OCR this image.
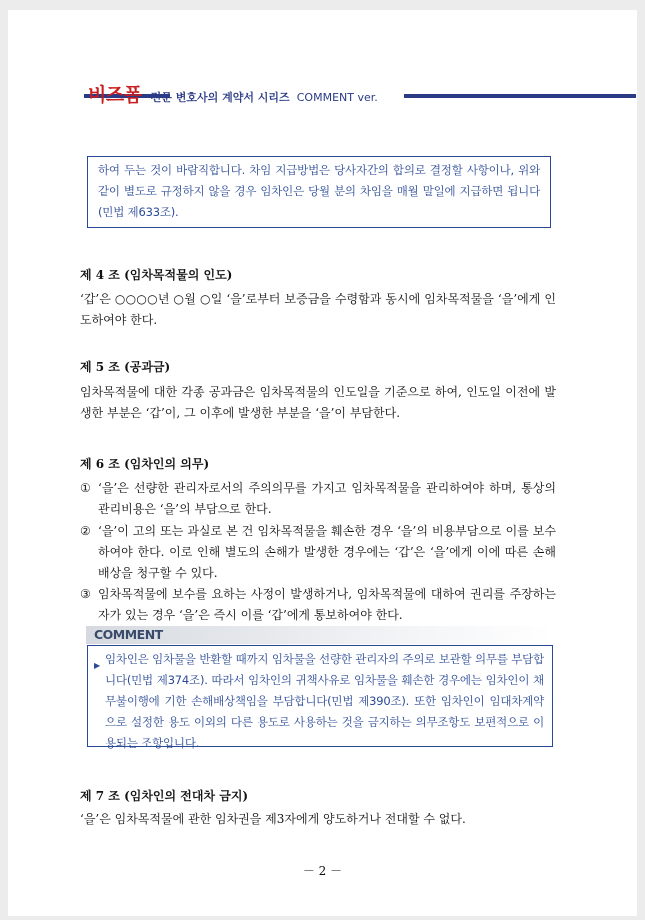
비즈폼 전문 변호사의 계약서 시리즈 COMMENT ver.
하여 두는 것이 바람직합니다. 차임 지급방법은 당사자간의 합의로 결정할 사항이나, 위와 같이 별도로 규정하지 않을 경우 임차인은 당월 분의 차임을 매월 말일에 지급하면 됩니다(민법 제633조).
제 4 조 (임차목적물의 인도)
‘갑’은 ○○○○년 ○월 ○일 ‘을’로부터 보증금을 수령함과 동시에 임차목적물을 ‘을’에게 인도하여야 한다.
제 5 조 (공과금)
임차목적물에 대한 각종 공과금은 임차목적물의 인도일을 기준으로 하여, 인도일 이전에 발생한 부분은 ‘갑’이, 그 이후에 발생한 부분을 ‘을’이 부담한다.
제 6 조 (임차인의 의무)
① ‘을’은 선량한 관리자로서의 주의의무를 가지고 임차목적물을 관리하여야 하며, 통상의 관리비용은 ‘을’의 부담으로 한다.
② ‘을’이 고의 또는 과실로 본 건 임차목적물을 훼손한 경우 ‘을’의 비용부담으로 이를 보수하여야 한다. 이로 인해 별도의 손해가 발생한 경우에는 ‘갑’은 ‘을’에게 이에 따른 손해배상을 청구할 수 있다.
③ 임차목적물에 보수를 요하는 사정이 발생하거나, 임차목적물에 대하여 권리를 주장하는 자가 있는 경우 ‘을’은 즉시 이를 ‘갑’에게 통보하여야 한다.
COMMENT
▶ 임차인은 임차물을 반환할 때까지 임차물을 선량한 관리자의 주의로 보관할 의무를 부담합니다(민법 제374조). 따라서 임차인의 귀책사유로 임차물을 훼손한 경우에는 임차인이 채무불이행에 기한 손해배상책임을 부담합니다(민법 제390조). 또한 임차인이 임대차계약으로 설정한 용도 이외의 다른 용도로 사용하는 것을 금지하는 의무조항도 보편적으로 이용되는 조항입니다.
제 7 조 (임차인의 전대차 금지)
‘을’은 임차목적물에 관한 임차권을 제3자에게 양도하거나 전대할 수 없다.
－ 2 －
